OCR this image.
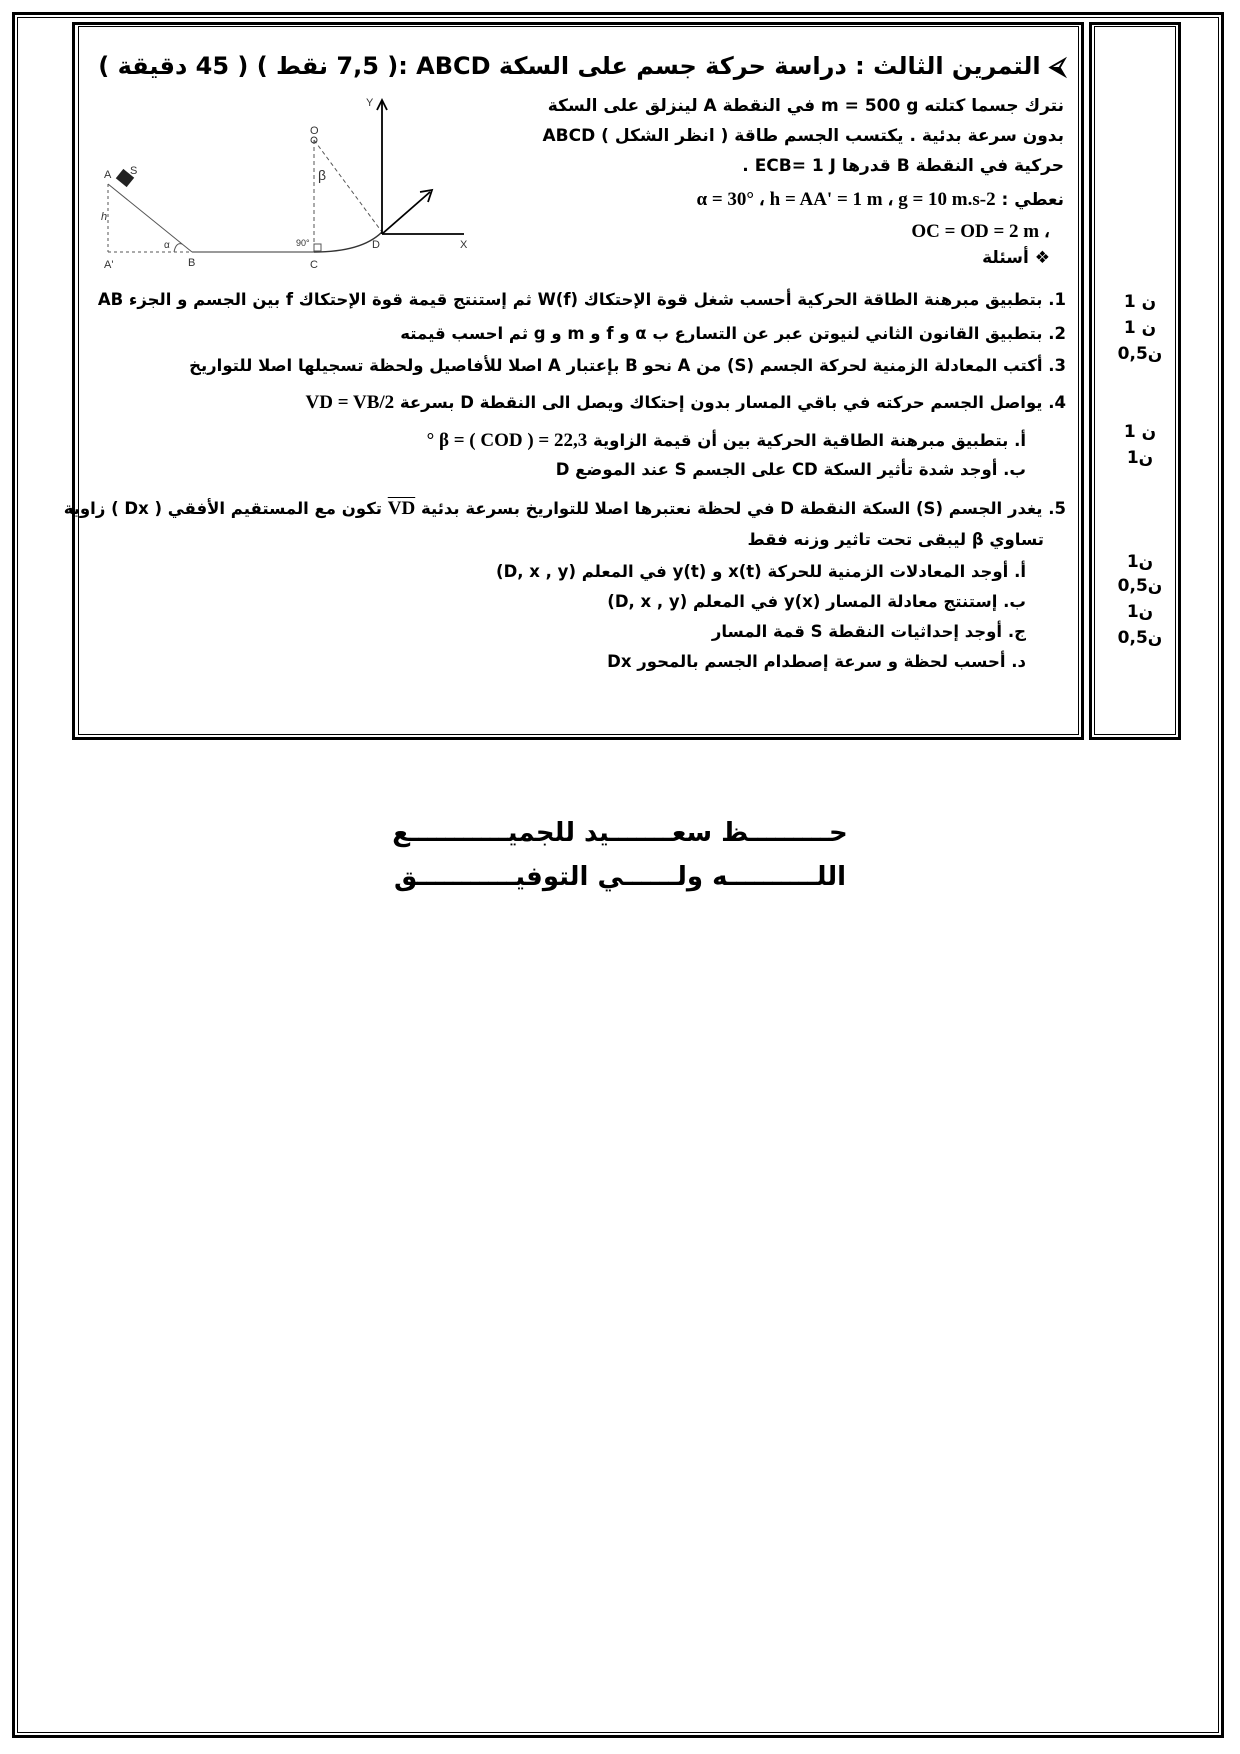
⮘ التمرين الثالث : دراسة حركة جسم على السكة ABCD :( 7,5 نقط ) ( 45 دقيقة )
نترك جسما كتلته m = 500 g في النقطة A لينزلق على السكة
ABCD ( انظر الشكل ) بدون سرعة بدئية . يكتسب الجسم طاقة
حركية في النقطة B قدرها ECB= 1 J .
نعطي : α = 30° ، h = AA' = 1 m ، g = 10 m.s-2
OC = OD = 2 m ،
❖ أسئلة
A S
h
A'
α
B	C
90°
O
β
D
Y
X
1. بتطبيق مبرهنة الطاقة الحركية أحسب شغل قوة الإحتكاك W(f) ثم إستنتج قيمة قوة الإحتكاك f بين الجسم و الجزء AB
2. بتطبيق القانون الثاني لنيوتن عبر عن التسارع ب α و f و m و g ثم احسب قيمته
3. أكتب المعادلة الزمنية لحركة الجسم (S) من A نحو B بإعتبار A اصلا للأفاصيل ولحظة تسجيلها اصلا للتواريخ
4. يواصل الجسم حركته في باقي المسار بدون إحتكاك ويصل الى النقطة D بسرعة VD = VB/2
أ. بتطبيق مبرهنة الطاقية الحركية بين أن قيمة الزاوية β = ( COD ) = 22,3 °
ب. أوجد شدة تأثير السكة CD على الجسم S عند الموضع D
5. يغدر الجسم (S) السكة النقطة D في لحظة نعتبرها اصلا للتواريخ بسرعة بدئية VD تكون مع المستقيم الأفقي ( Dx ) زاوية
تساوي β ليبقى تحت تاثير وزنه فقط
أ. أوجد المعادلات الزمنية للحركة x(t) و y(t) في المعلم (D, x , y)
ب. إستنتج معادلة المسار y(x) في المعلم (D, x , y)
ج. أوجد إحداثيات النقطة S قمة المسار
د. أحسب لحظة و سرعة إصطدام الجسم بالمحور Dx
1 ن
1 ن
0,5ن
1 ن
1ن
1ن
0,5ن
1ن
0,5ن
حـــــــــظ سعـــــــيد للجميـــــــــــع
اللــــــــــه ولــــــي التوفيـــــــــــق
